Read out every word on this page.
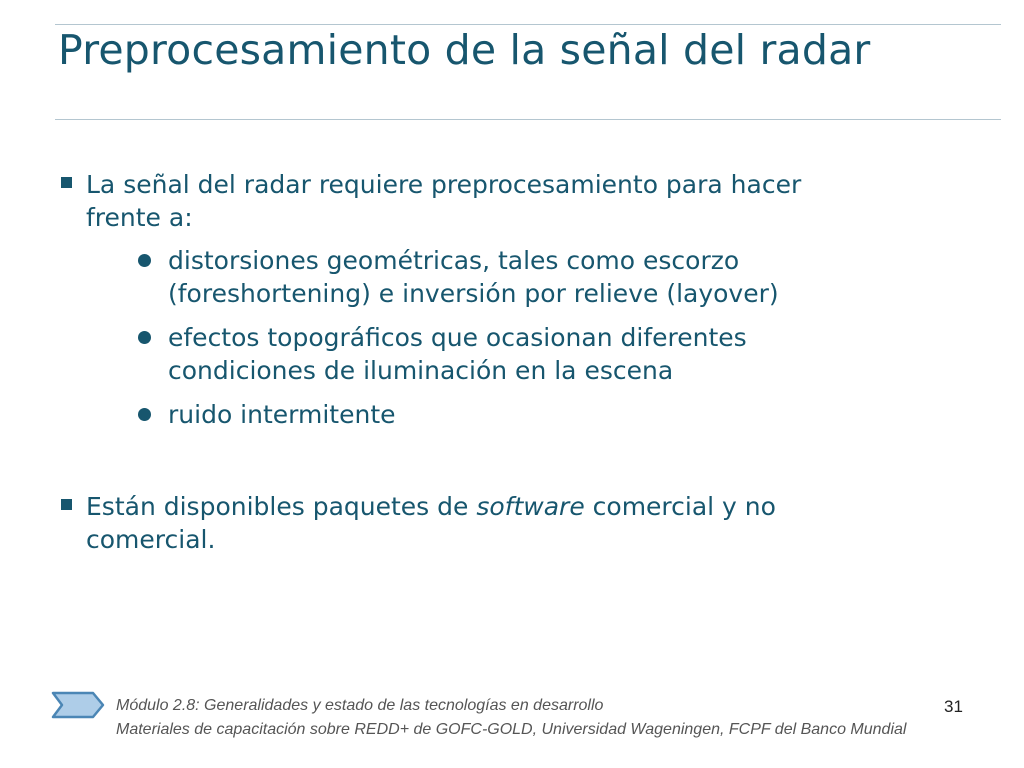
Preprocesamiento de la señal del radar
La señal del radar requiere preprocesamiento para hacer
frente a:
distorsiones geométricas, tales como escorzo
(foreshortening) e inversión por relieve (layover)
efectos topográficos que ocasionan diferentes
condiciones de iluminación en la escena
ruido intermitente
Están disponibles paquetes de software comercial y no
comercial.
Módulo 2.8: Generalidades y estado de las tecnologías en desarrollo
Materiales de capacitación sobre REDD+ de GOFC-GOLD, Universidad Wageningen, FCPF del Banco Mundial
31
